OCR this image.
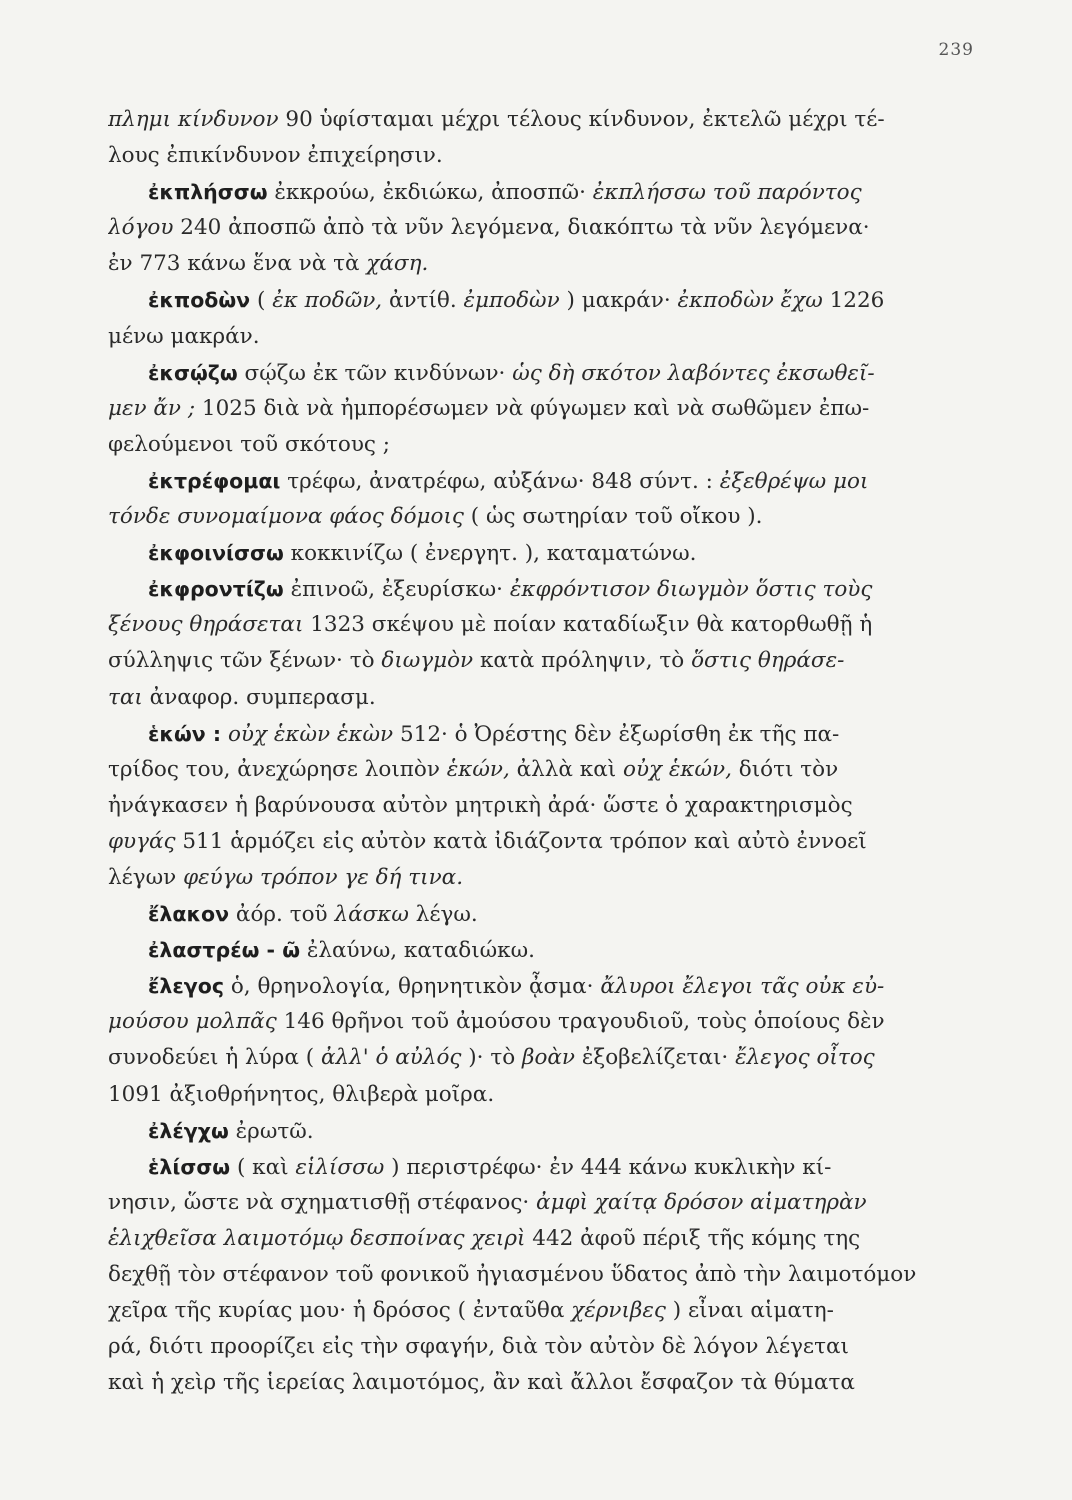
239
πλημι κίνδυνον 90 ὑφίσταμαι μέχρι τέλους κίνδυνον, ἐκτελῶ μέχρι τέ-
λους ἐπικίνδυνον ἐπιχείρησιν.
ἐκπλήσσω ἐκκρούω, ἐκδιώκω, ἀποσπῶ· ἐκπλήσσω τοῦ παρόντος
λόγου 240 ἀποσπῶ ἀπὸ τὰ νῦν λεγόμενα, διακόπτω τὰ νῦν λεγόμενα·
ἐν 773 κάνω ἕνα νὰ τὰ χάση.
ἐκποδὼν ( ἐκ ποδῶν, ἀντίθ. ἐμποδὼν ) μακράν· ἐκποδὼν ἔχω 1226
μένω μακράν.
ἐκσῴζω σῴζω ἐκ τῶν κινδύνων· ὡς δὴ σκότον λαβόντες ἐκσωθεῖ-
μεν ἄν ; 1025 διὰ νὰ ἠμπορέσωμεν νὰ φύγωμεν καὶ νὰ σωθῶμεν ἐπω-
φελούμενοι τοῦ σκότους ;
ἐκτρέφομαι τρέφω, ἀνατρέφω, αὐξάνω· 848 σύντ. : ἐξεθρέψω μοι
τόνδε συνομαίμονα φάος δόμοις ( ὡς σωτηρίαν τοῦ οἴκου ).
ἐκφοινίσσω κοκκινίζω ( ἐνεργητ. ), καταματώνω.
ἐκφροντίζω ἐπινοῶ, ἐξευρίσκω· ἐκφρόντισον διωγμὸν ὅστις τοὺς
ξένους θηράσεται 1323 σκέψου μὲ ποίαν καταδίωξιν θὰ κατορθωθῇ ἡ
σύλληψις τῶν ξένων· τὸ διωγμὸν κατὰ πρόληψιν, τὸ ὅστις θηράσε-
ται ἀναφορ. συμπερασμ.
ἑκών : οὐχ ἑκὼν ἑκὼν 512· ὁ Ὀρέστης δὲν ἐξωρίσθη ἐκ τῆς πα-
τρίδος του, ἀνεχώρησε λοιπὸν ἑκών, ἀλλὰ καὶ οὐχ ἑκών, διότι τὸν
ἠνάγκασεν ἡ βαρύνουσα αὐτὸν μητρικὴ ἀρά· ὥστε ὁ χαρακτηρισμὸς
φυγάς 511 ἁρμόζει εἰς αὐτὸν κατὰ ἰδιάζοντα τρόπον καὶ αὐτὸ ἐννοεῖ
λέγων φεύγω τρόπον γε δή τινα.
ἔλακον ἀόρ. τοῦ λάσκω λέγω.
ἐλαστρέω - ῶ ἐλαύνω, καταδιώκω.
ἔλεγος ὁ, θρηνολογία, θρηνητικὸν ᾆσμα· ἄλυροι ἔλεγοι τᾶς οὐκ εὐ-
μούσου μολπᾶς 146 θρῆνοι τοῦ ἀμούσου τραγουδιοῦ, τοὺς ὁποίους δὲν
συνοδεύει ἡ λύρα ( ἀλλ' ὁ αὐλός )· τὸ βοὰν ἐξοβελίζεται· ἔλεγος οἶτος
1091 ἀξιοθρήνητος, θλιβερὰ μοῖρα.
ἐλέγχω ἐρωτῶ.
ἑλίσσω ( καὶ εἱλίσσω ) περιστρέφω· ἐν 444 κάνω κυκλικὴν κί-
νησιν, ὥστε νὰ σχηματισθῇ στέφανος· ἀμφὶ χαίτᾳ δρόσον αἱματηρὰν
ἑλιχθεῖσα λαιμοτόμῳ δεσποίνας χειρὶ 442 ἀφοῦ πέριξ τῆς κόμης της
δεχθῇ τὸν στέφανον τοῦ φονικοῦ ἠγιασμένου ὕδατος ἀπὸ τὴν λαιμοτόμον
χεῖρα τῆς κυρίας μου· ἡ δρόσος ( ἐνταῦθα χέρνιβες ) εἶναι αἱματη-
ρά, διότι προορίζει εἰς τὴν σφαγήν, διὰ τὸν αὐτὸν δὲ λόγον λέγεται
καὶ ἡ χεὶρ τῆς ἱερείας λαιμοτόμος, ἂν καὶ ἄλλοι ἔσφαζον τὰ θύματα
